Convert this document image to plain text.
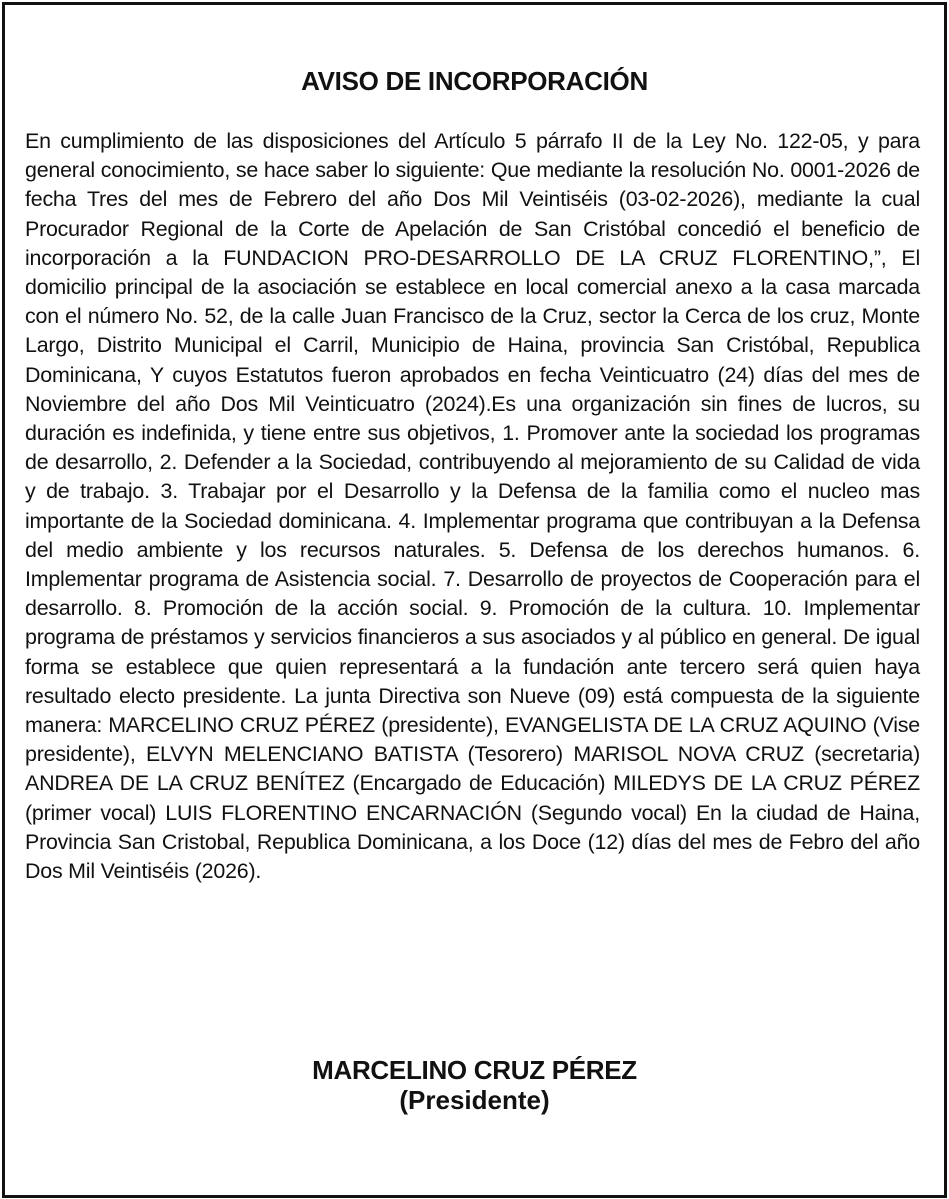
AVISO DE INCORPORACIÓN
En cumplimiento de las disposiciones del Artículo 5 párrafo II de la Ley No. 122-05, y para general conocimiento, se hace saber lo siguiente: Que mediante la resolución No. 0001-2026 de fecha Tres del mes de Febrero del año Dos Mil Veintiséis (03-02-2026), mediante la cual Procurador Regional de la Corte de Apelación de San Cristóbal concedió el beneficio de incorporación a la FUNDACION PRO-DESARROLLO DE LA CRUZ FLORENTINO,”, El domicilio principal de la asociación se establece en local comercial anexo a la casa marcada con el número No. 52, de la calle Juan Francisco de la Cruz, sector la Cerca de los cruz, Monte Largo, Distrito Municipal el Carril, Municipio de Haina, provincia San Cristóbal, Republica Dominicana, Y cuyos Estatutos fueron aprobados en fecha Veinticuatro (24) días del mes de Noviembre del año Dos Mil Veinticuatro (2024).Es una organización sin fines de lucros, su duración es indefinida, y tiene entre sus objetivos, 1. Promover ante la sociedad los programas de desarrollo, 2. Defender a la Sociedad, contribuyendo al mejoramiento de su Calidad de vida y de trabajo. 3. Trabajar por el Desarrollo y la Defensa de la familia como el nucleo mas importante de la Sociedad dominicana. 4. Implementar programa que contribuyan a la Defensa del medio ambiente y los recursos naturales. 5. Defensa de los derechos humanos. 6. Implementar programa de Asistencia social. 7. Desarrollo de proyectos de Cooperación para el desarrollo. 8. Promoción de la acción social. 9. Promoción de la cultura. 10. Implementar programa de préstamos y servicios financieros a sus asociados y al público en general. De igual forma se establece que quien representará a la fundación ante tercero será quien haya resultado electo presidente. La junta Directiva son Nueve (09) está compuesta de la siguiente manera: MARCELINO CRUZ PÉREZ (presidente), EVANGELISTA DE LA CRUZ AQUINO (Vise presidente), ELVYN MELENCIANO BATISTA (Tesorero) MARISOL NOVA CRUZ (secretaria) ANDREA DE LA CRUZ BENÍTEZ (Encargado de Educación) MILEDYS DE LA CRUZ PÉREZ (primer vocal) LUIS FLORENTINO ENCARNACIÓN (Segundo vocal) En la ciudad de Haina, Provincia San Cristobal, Republica Dominicana, a los Doce (12) días del mes de Febro del año Dos Mil Veintiséis (2026).
MARCELINO CRUZ PÉREZ
(Presidente)
